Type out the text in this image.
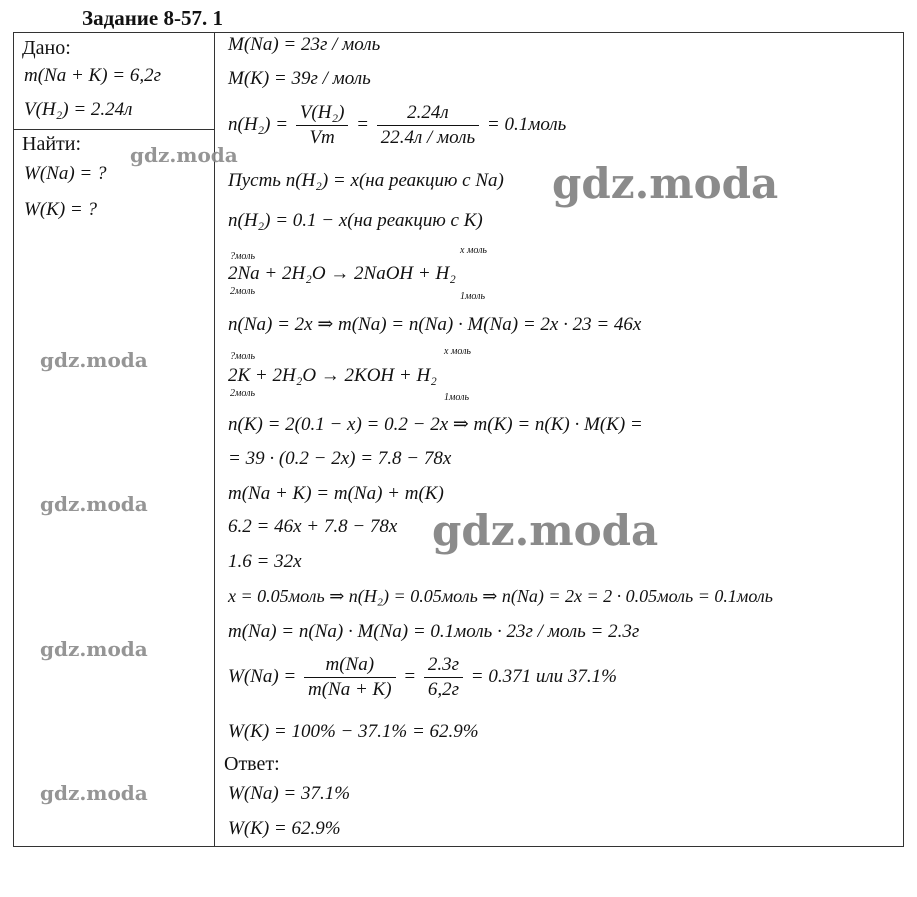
Задание 8-57. 1
Дано:
m(Na + K) = 6,2г
V(H₂) = 2.24л
Найти:
W(Na) = ?
W(K) = ?
M(Na) = 23г / моль
M(K) = 39г / моль
$n(H_2) = \frac{\text{V(H₂)}}{Vm} = \frac{2.24л}{\text{22.4л / моль}}$ = 0.1моль
Пусть n(H₂) = x(на реакцию с Na)
n(H₂) = 0.1 − x(на реакцию с K)
?моль
x моль
2Na + 2H₂O → 2NaOH + H₂
2моль	1моль
n(Na) = 2x ⇒ m(Na) = n(Na) · M(Na) = 2x · 23 = 46x
?моль	x моль
2K + 2H₂O → 2KOH + H₂
2моль	1моль
n(K) = 2(0.1 − x) = 0.2 − 2x ⇒ m(K) = n(K) · M(K) =
= 39 · (0.2 − 2x) = 7.8 − 78x
m(Na + K) = m(Na) + m(K)
6.2 = 46x + 7.8 − 78x
1.6 = 32x
x = 0.05моль ⇒ n(H₂) = 0.05моль ⇒ n(Na) = 2x = 2 · 0.05моль = 0.1моль
m(Na) = n(Na) · M(Na) = 0.1моль · 23г / моль = 2.3г
$W(Na) = \frac{m(Na)}{m(Na + K)} = \frac{2.3г}{6,2г} = 0.371$ или 37.1%
W(K) = 100% − 37.1% = 62.9%
Ответ:
W(Na) = 37.1%
W(K) = 62.9%
gdz.moda
gdz.moda
gdz.moda
gdz.moda
gdz.moda
gdz.moda
gdz.moda
